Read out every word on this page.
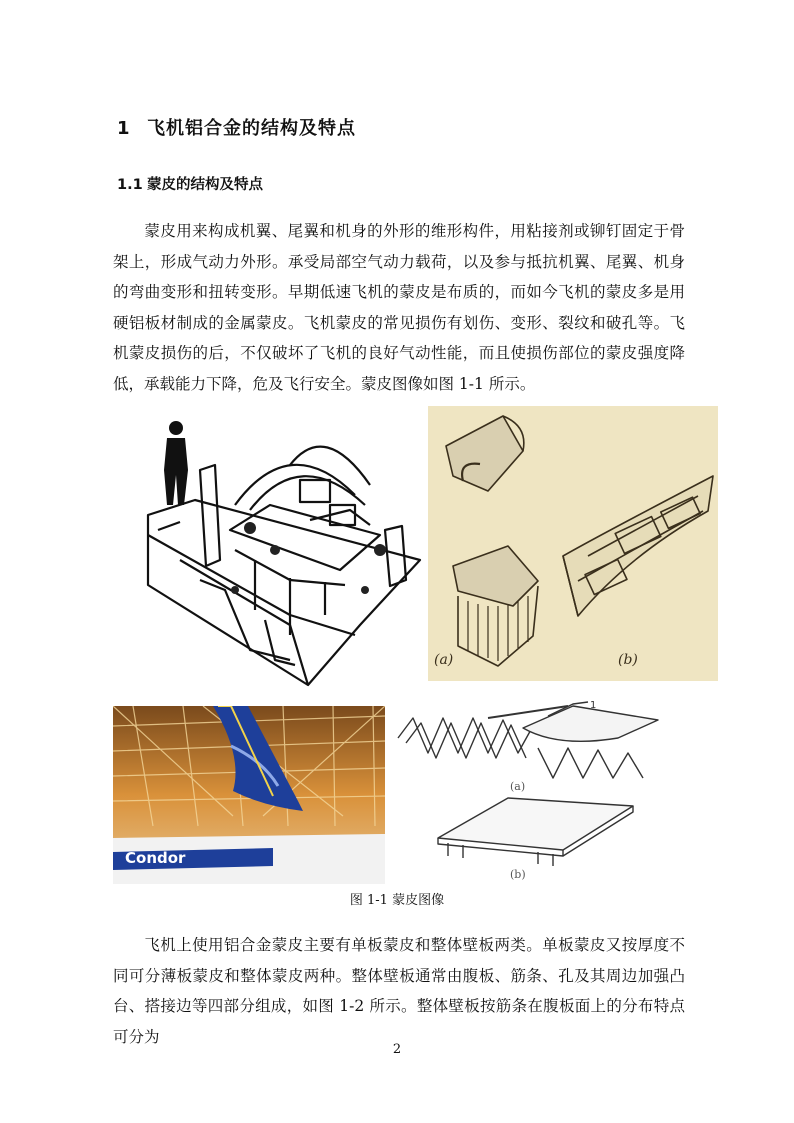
1 飞机铝合金的结构及特点
1.1 蒙皮的结构及特点

蒙皮用来构成机翼、尾翼和机身的外形的维形构件，用粘接剂或铆钉固定于骨架上，形成气动力外形。承受局部空气动力载荷，以及参与抵抗机翼、尾翼、机身的弯曲变形和扭转变形。早期低速飞机的蒙皮是布质的，而如今飞机的蒙皮多是用硬铝板材制成的金属蒙皮。飞机蒙皮的常见损伤有划伤、变形、裂纹和破孔等。飞机蒙皮损伤的后，不仅破坏了飞机的良好气动性能，而且使损伤部位的蒙皮强度降低，承载能力下降，危及飞行安全。蒙皮图像如图 1-1 所示。

(a)	(b)
Condor
1
(a)
(b)
图 1-1 蒙皮图像

飞机上使用铝合金蒙皮主要有单板蒙皮和整体壁板两类。单板蒙皮又按厚度不同可分薄板蒙皮和整体蒙皮两种。整体壁板通常由腹板、筋条、孔及其周边加强凸台、搭接边等四部分组成，如图 1-2 所示。整体壁板按筋条在腹板面上的分布特点可分为

2
